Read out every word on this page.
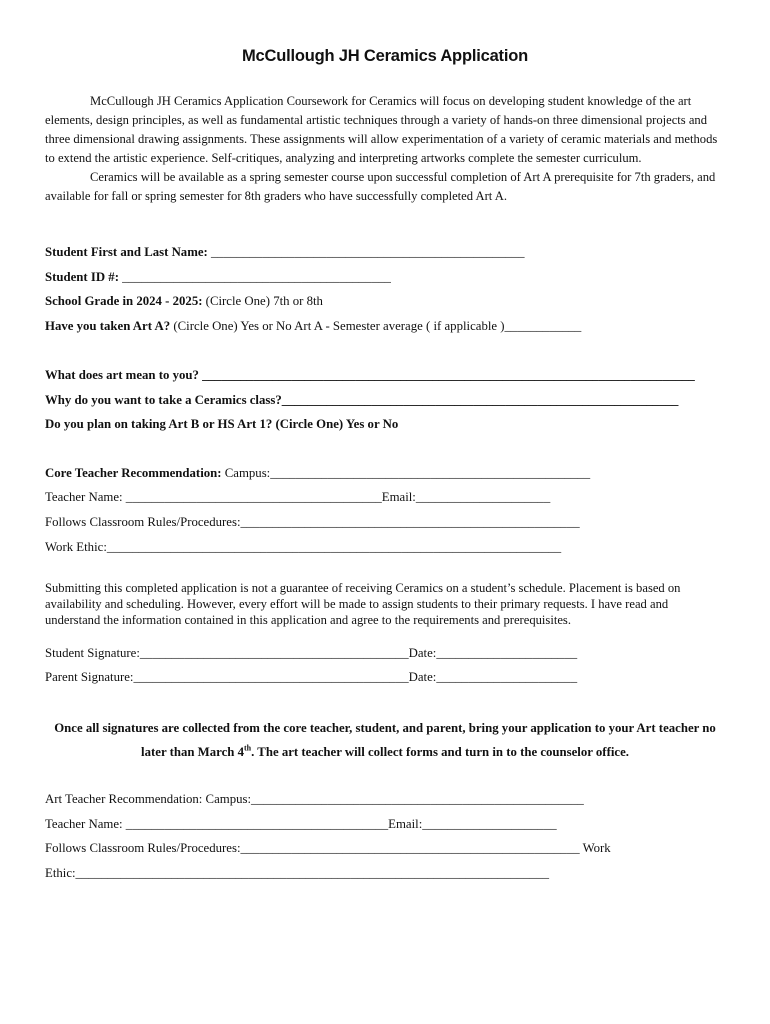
McCullough JH Ceramics Application

McCullough JH Ceramics Application Coursework for Ceramics will focus on developing student knowledge of the art elements, design principles, as well as fundamental artistic techniques through a variety of hands-on three dimensional projects and three dimensional drawing assignments. These assignments will allow experimentation of a variety of ceramic materials and methods to extend the artistic experience. Self-critiques, analyzing and interpreting artworks complete the semester curriculum.

Ceramics will be available as a spring semester course upon successful completion of Art A prerequisite for 7th graders, and available for fall or spring semester for 8th graders who have successfully completed Art A.

Student First and Last Name: _________________________________________________
Student ID #: __________________________________________
School Grade in 2024 - 2025: (Circle One) 7th or 8th
Have you taken Art A? (Circle One) Yes or No Art A - Semester average ( if applicable )____________
What does art mean to you? _____________________________________________________________________________
Why do you want to take a Ceramics class?______________________________________________________________
Do you plan on taking Art B or HS Art 1? (Circle One) Yes or No
Core Teacher Recommendation: Campus:__________________________________________________
Teacher Name: ________________________________________Email:_____________________
Follows Classroom Rules/Procedures:_____________________________________________________
Work Ethic:_______________________________________________________________________
Submitting this completed application is not a guarantee of receiving Ceramics on a student’s schedule. Placement is based on availability and scheduling. However, every effort will be made to assign students to their primary requests. I have read and understand the information contained in this application and agree to the requirements and prerequisites.
Student Signature:__________________________________________Date:______________________
Parent Signature:___________________________________________Date:______________________
Once all signatures are collected from the core teacher, student, and parent, bring your application to your Art teacher no later than March 4th. The art teacher will collect forms and turn in to the counselor office.
Art Teacher Recommendation: Campus:____________________________________________________
Teacher Name: _________________________________________Email:_____________________
Follows Classroom Rules/Procedures:_____________________________________________________ Work
Ethic:__________________________________________________________________________
